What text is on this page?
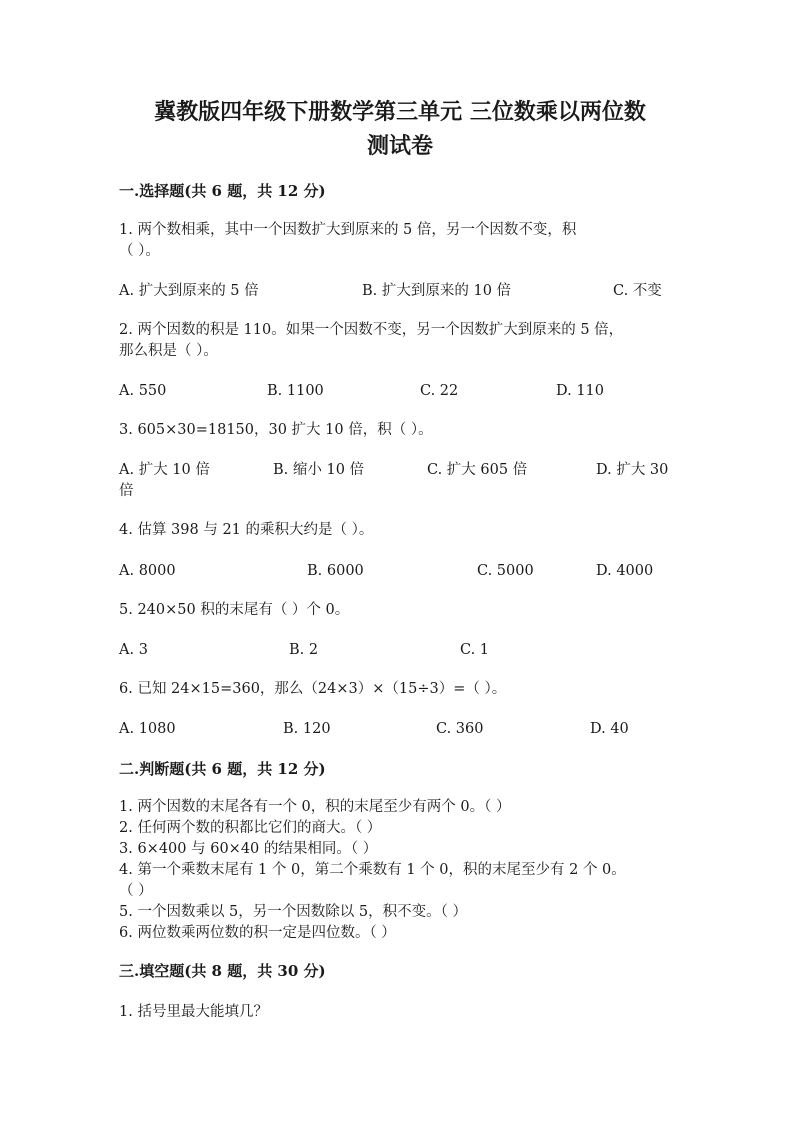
冀教版四年级下册数学第三单元 三位数乘以两位数
测试卷
一.选择题(共 6 题，共 12 分)
1. 两个数相乘，其中一个因数扩大到原来的 5 倍，另一个因数不变，积
（ ）。
A. 扩大到原来的 5 倍	B. 扩大到原来的 10 倍	C. 不变
2. 两个因数的积是 110。如果一个因数不变，另一个因数扩大到原来的 5 倍，
那么积是（ ）。
A. 550	B. 1100	C. 22	D. 110
3. 605×30=18150，30 扩大 10 倍，积（ ）。
A. 扩大 10 倍	B. 缩小 10 倍	C. 扩大 605 倍	D. 扩大 30
倍
4. 估算 398 与 21 的乘积大约是（ ）。
A. 8000	B. 6000	C. 5000	D. 4000
5. 240×50 积的末尾有（ ）个 0。
A. 3	B. 2	C. 1
6. 已知 24×15=360，那么（24×3）×（15÷3）=（ ）。
A. 1080	B. 120	C. 360	D. 40
二.判断题(共 6 题，共 12 分)
1. 两个因数的末尾各有一个 0，积的末尾至少有两个 0。（ ）
2. 任何两个数的积都比它们的商大。（ ）
3. 6×400 与 60×40 的结果相同。（ ）
4. 第一个乘数末尾有 1 个 0，第二个乘数有 1 个 0，积的末尾至少有 2 个 0。
（ ）
5. 一个因数乘以 5，另一个因数除以 5，积不变。（ ）
6. 两位数乘两位数的积一定是四位数。（ ）
三.填空题(共 8 题，共 30 分)
1. 括号里最大能填几？
